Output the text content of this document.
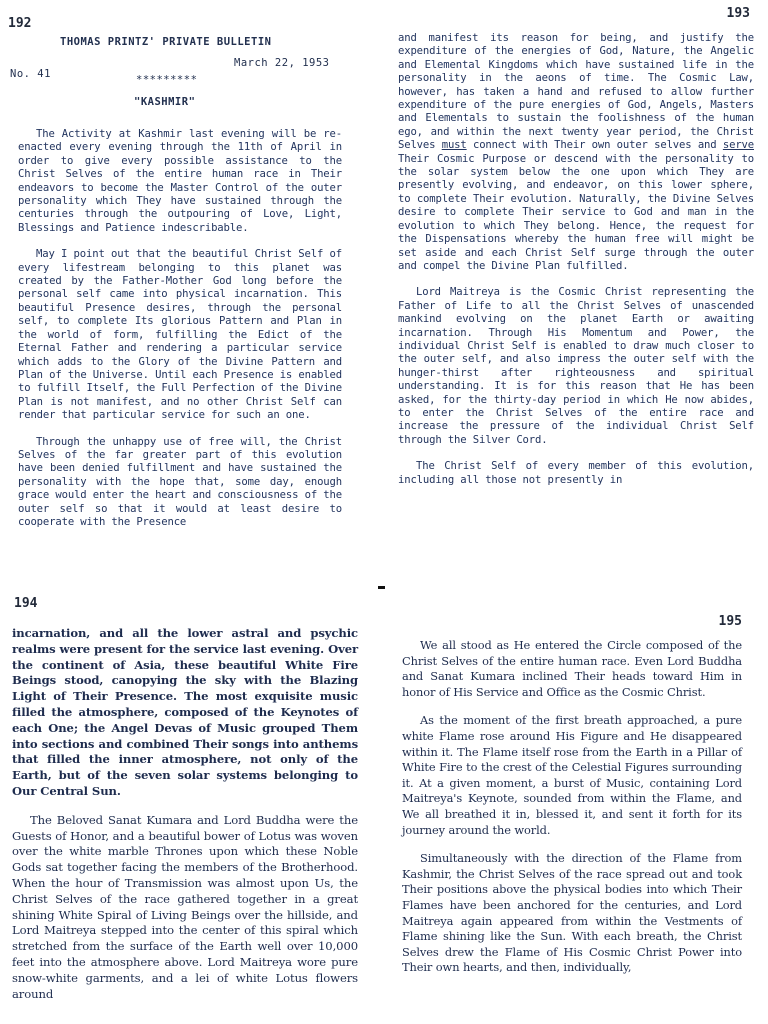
192
THOMAS PRINTZ' PRIVATE BULLETIN
March 22, 1953
No. 41	*********
"KASHMIR"

The Activity at Kashmir last evening will be re-enacted every evening through the 11th of April in order to give every possible assistance to the Christ Selves of the entire human race in Their endeavors to become the Master Control of the outer personality which They have sustained through the centuries through the outpouring of Love, Light, Blessings and Patience indescribable.

May I point out that the beautiful Christ Self of every lifestream belonging to this planet was created by the Father-Mother God long before the personal self came into physical incarnation. This beautiful Presence desires, through the personal self, to complete Its glorious Pattern and Plan in the world of form, fulfilling the Edict of the Eternal Father and rendering a particular service which adds to the Glory of the Divine Pattern and Plan of the Universe. Until each Presence is enabled to fulfill Itself, the Full Perfection of the Divine Plan is not manifest, and no other Christ Self can render that particular service for such an one.

Through the unhappy use of free will, the Christ Selves of the far greater part of this evolution have been denied fulfillment and have sustained the personality with the hope that, some day, enough grace would enter the heart and consciousness of the outer self so that it would at least desire to cooperate with the Presence

193

and manifest its reason for being, and justify the expenditure of the energies of God, Nature, the Angelic and Elemental Kingdoms which have sustained life in the personality in the aeons of time. The Cosmic Law, however, has taken a hand and refused to allow further expenditure of the pure energies of God, Angels, Masters and Elementals to sustain the foolishness of the human ego, and within the next twenty year period, the Christ Selves must connect with Their own outer selves and serve Their Cosmic Purpose or descend with the personality to the solar system below the one upon which They are presently evolving, and endeavor, on this lower sphere, to complete Their evolution. Naturally, the Divine Selves desire to complete Their service to God and man in the evolution to which They belong. Hence, the request for the Dispensations whereby the human free will might be set aside and each Christ Self surge through the outer and compel the Divine Plan fulfilled.

Lord Maitreya is the Cosmic Christ representing the Father of Life to all the Christ Selves of unascended mankind evolving on the planet Earth or awaiting incarnation. Through His Momentum and Power, the individual Christ Self is enabled to draw much closer to the outer self, and also impress the outer self with the hunger-thirst after righteousness and spiritual understanding. It is for this reason that He has been asked, for the thirty-day period in which He now abides, to enter the Christ Selves of the entire race and increase the pressure of the individual Christ Self through the Silver Cord.

The Christ Self of every member of this evolution, including all those not presently in

194

incarnation, and all the lower astral and psychic realms were present for the service last evening. Over the continent of Asia, these beautiful White Fire Beings stood, canopying the sky with the Blazing Light of Their Presence. The most exquisite music filled the atmosphere, composed of the Keynotes of each One; the Angel Devas of Music grouped Them into sections and combined Their songs into anthems that filled the inner atmosphere, not only of the Earth, but of the seven solar systems belonging to Our Central Sun.

The Beloved Sanat Kumara and Lord Buddha were the Guests of Honor, and a beautiful bower of Lotus was woven over the white marble Thrones upon which these Noble Gods sat together facing the members of the Brotherhood. When the hour of Transmission was almost upon Us, the Christ Selves of the race gathered together in a great shining White Spiral of Living Beings over the hillside, and Lord Maitreya stepped into the center of this spiral which stretched from the surface of the Earth well over 10,000 feet into the atmosphere above. Lord Maitreya wore pure snow-white garments, and a lei of white Lotus flowers around

195

We all stood as He entered the Circle composed of the Christ Selves of the entire human race. Even Lord Buddha and Sanat Kumara inclined Their heads toward Him in honor of His Service and Office as the Cosmic Christ.

As the moment of the first breath approached, a pure white Flame rose around His Figure and He disappeared within it. The Flame itself rose from the Earth in a Pillar of White Fire to the crest of the Celestial Figures surrounding it. At a given moment, a burst of Music, containing Lord Maitreya's Keynote, sounded from within the Flame, and We all breathed it in, blessed it, and sent it forth for its journey around the world.

Simultaneously with the direction of the Flame from Kashmir, the Christ Selves of the race spread out and took Their positions above the physical bodies into which Their Flames have been anchored for the centuries, and Lord Maitreya again appeared from within the Vestments of Flame shining like the Sun. With each breath, the Christ Selves drew the Flame of His Cosmic Christ Power into Their own hearts, and then, individually,
